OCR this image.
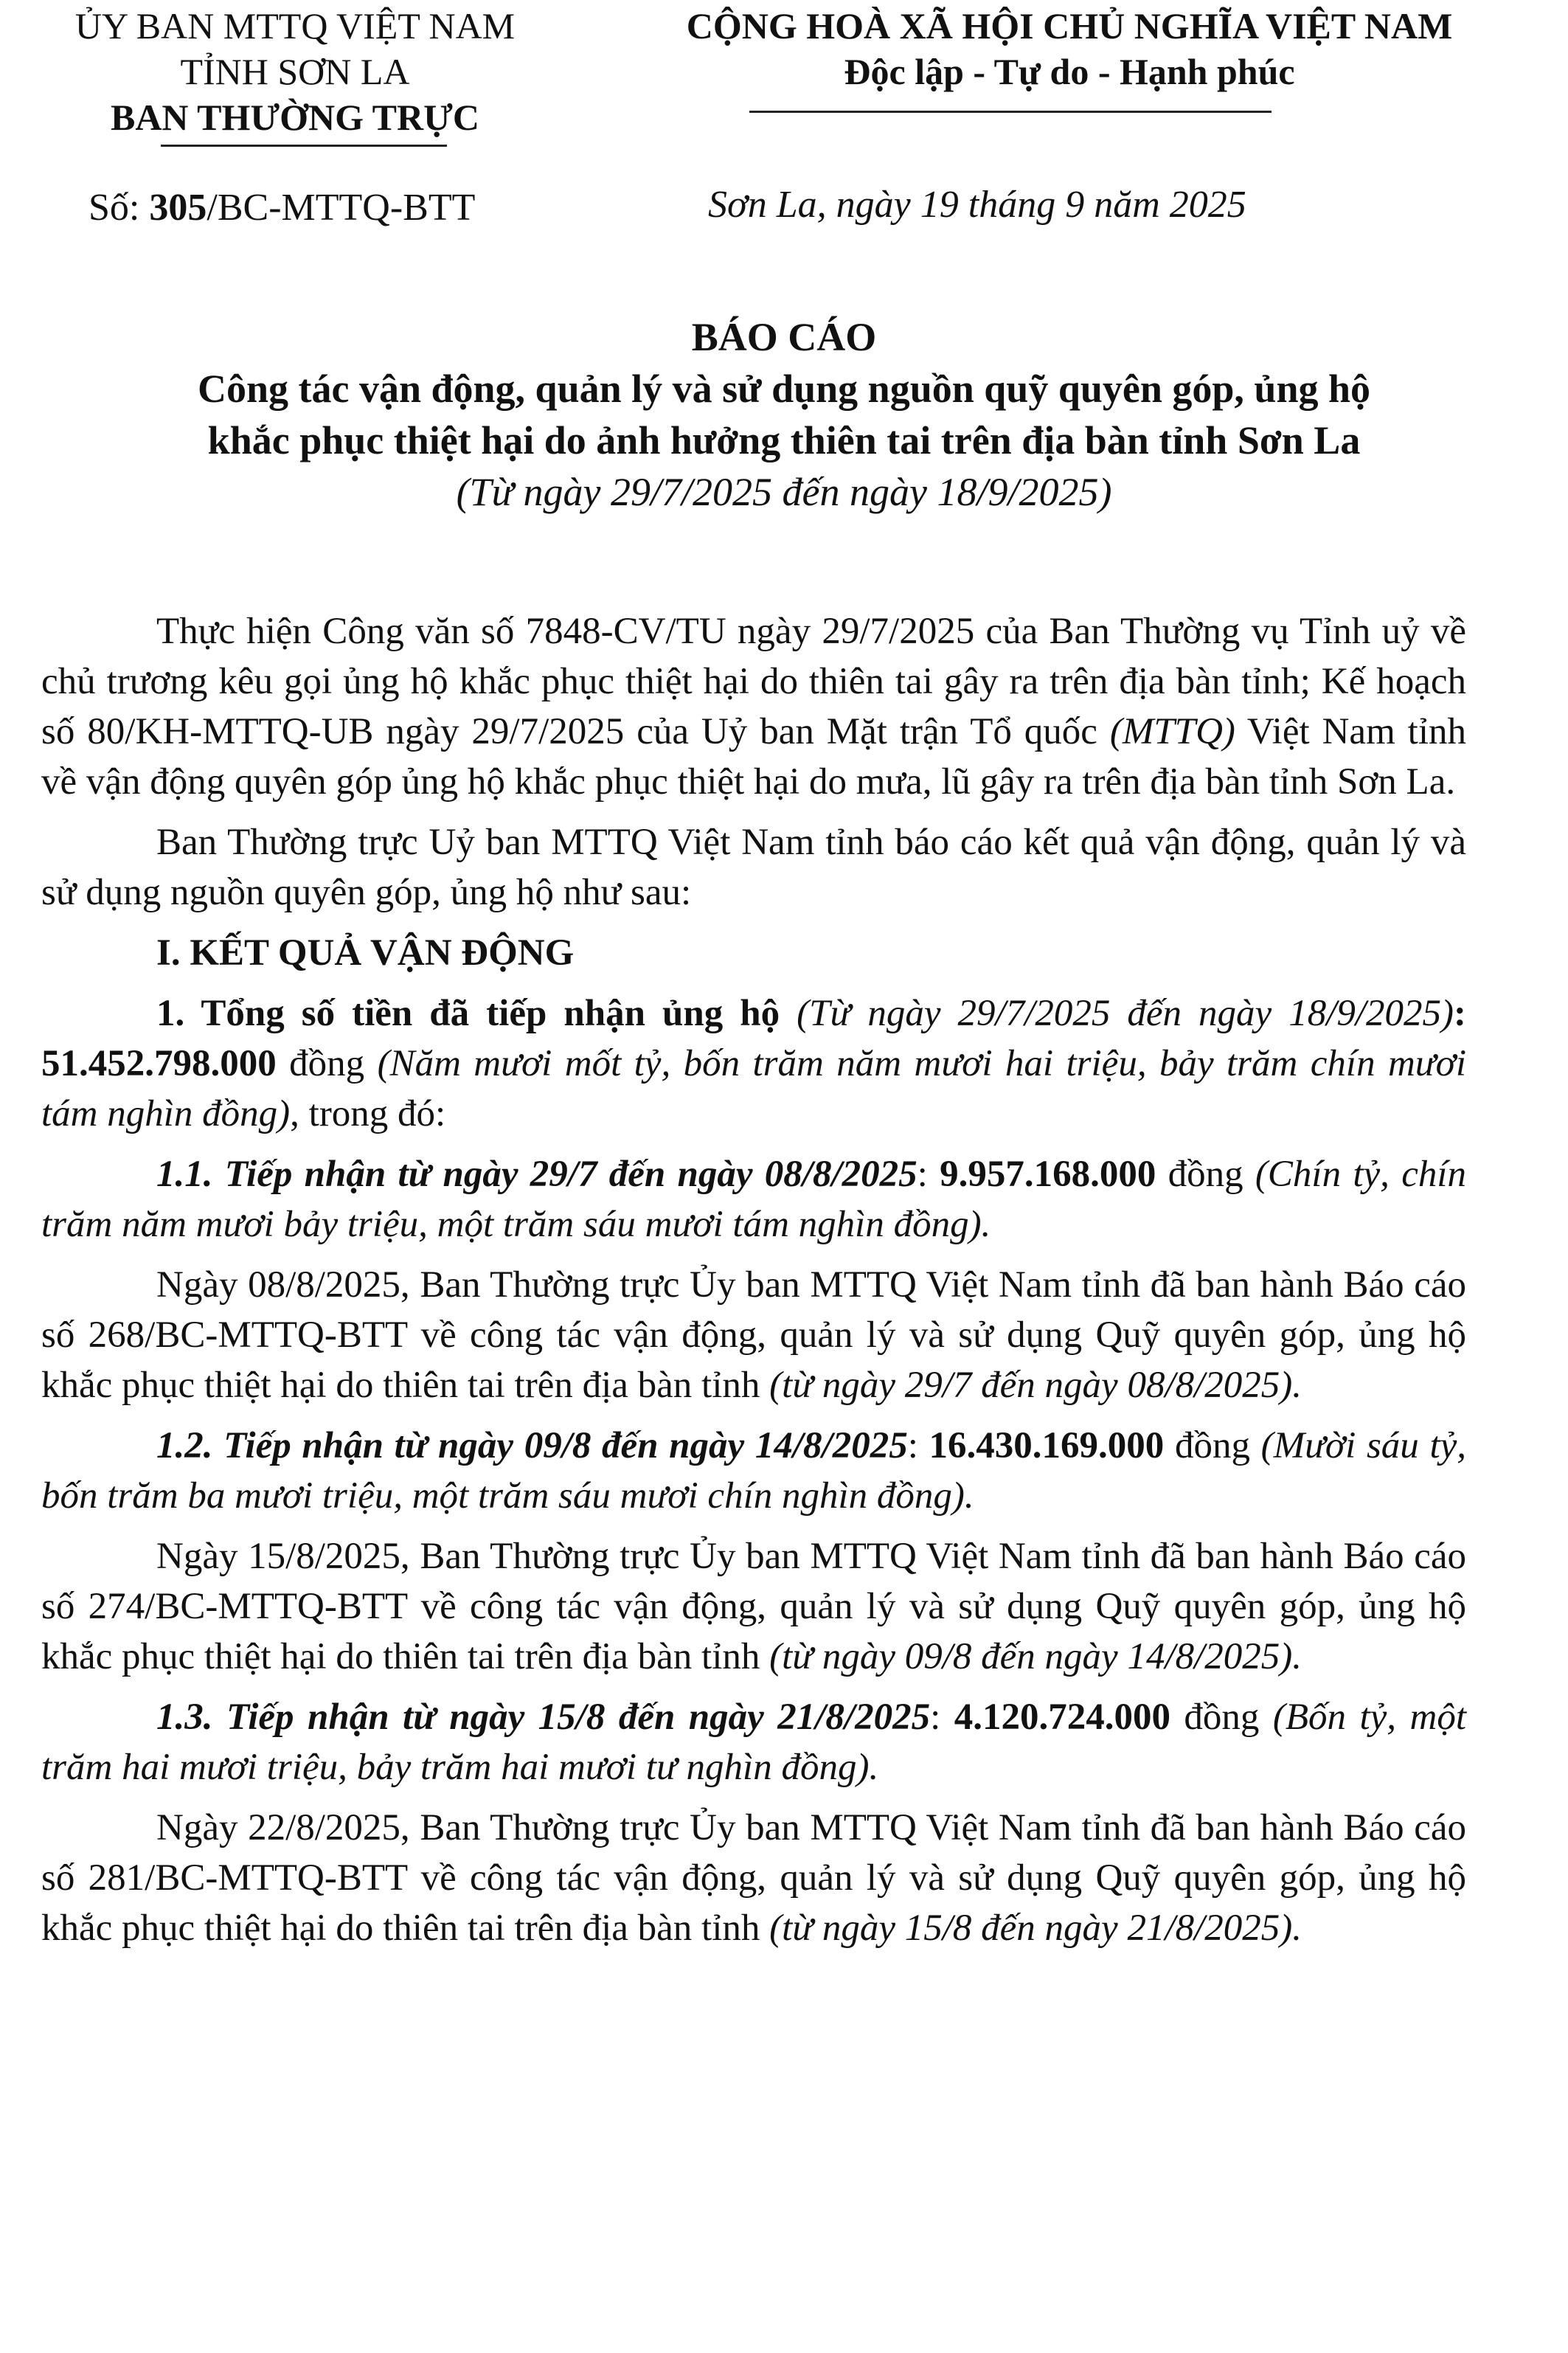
ỦY BAN MTTQ VIỆT NAM
TỈNH SƠN LA
BAN THƯỜNG TRỰC
CỘNG HOÀ XÃ HỘI CHỦ NGHĨA VIỆT NAM
Độc lập - Tự do - Hạnh phúc
Số: 305/BC-MTTQ-BTT	Sơn La, ngày 19 tháng 9 năm 2025
BÁO CÁO
Công tác vận động, quản lý và sử dụng nguồn quỹ quyên góp, ủng hộ
khắc phục thiệt hại do ảnh hưởng thiên tai trên địa bàn tỉnh Sơn La
(Từ ngày 29/7/2025 đến ngày 18/9/2025)

Thực hiện Công văn số 7848-CV/TU ngày 29/7/2025 của Ban Thường vụ Tỉnh uỷ về chủ trương kêu gọi ủng hộ khắc phục thiệt hại do thiên tai gây ra trên địa bàn tỉnh; Kế hoạch số 80/KH-MTTQ-UB ngày 29/7/2025 của Uỷ ban Mặt trận Tổ quốc (MTTQ) Việt Nam tỉnh về vận động quyên góp ủng hộ khắc phục thiệt hại do mưa, lũ gây ra trên địa bàn tỉnh Sơn La.

Ban Thường trực Uỷ ban MTTQ Việt Nam tỉnh báo cáo kết quả vận động, quản lý và sử dụng nguồn quyên góp, ủng hộ như sau:

I. KẾT QUẢ VẬN ĐỘNG

1. Tổng số tiền đã tiếp nhận ủng hộ (Từ ngày 29/7/2025 đến ngày 18/9/2025): 51.452.798.000 đồng (Năm mươi mốt tỷ, bốn trăm năm mươi hai triệu, bảy trăm chín mươi tám nghìn đồng), trong đó:

1.1. Tiếp nhận từ ngày 29/7 đến ngày 08/8/2025: 9.957.168.000 đồng (Chín tỷ, chín trăm năm mươi bảy triệu, một trăm sáu mươi tám nghìn đồng).

Ngày 08/8/2025, Ban Thường trực Ủy ban MTTQ Việt Nam tỉnh đã ban hành Báo cáo số 268/BC-MTTQ-BTT về công tác vận động, quản lý và sử dụng Quỹ quyên góp, ủng hộ khắc phục thiệt hại do thiên tai trên địa bàn tỉnh (từ ngày 29/7 đến ngày 08/8/2025).

1.2. Tiếp nhận từ ngày 09/8 đến ngày 14/8/2025: 16.430.169.000 đồng (Mười sáu tỷ, bốn trăm ba mươi triệu, một trăm sáu mươi chín nghìn đồng).

Ngày 15/8/2025, Ban Thường trực Ủy ban MTTQ Việt Nam tỉnh đã ban hành Báo cáo số 274/BC-MTTQ-BTT về công tác vận động, quản lý và sử dụng Quỹ quyên góp, ủng hộ khắc phục thiệt hại do thiên tai trên địa bàn tỉnh (từ ngày 09/8 đến ngày 14/8/2025).

1.3. Tiếp nhận từ ngày 15/8 đến ngày 21/8/2025: 4.120.724.000 đồng (Bốn tỷ, một trăm hai mươi triệu, bảy trăm hai mươi tư nghìn đồng).

Ngày 22/8/2025, Ban Thường trực Ủy ban MTTQ Việt Nam tỉnh đã ban hành Báo cáo số 281/BC-MTTQ-BTT về công tác vận động, quản lý và sử dụng Quỹ quyên góp, ủng hộ khắc phục thiệt hại do thiên tai trên địa bàn tỉnh (từ ngày 15/8 đến ngày 21/8/2025).
